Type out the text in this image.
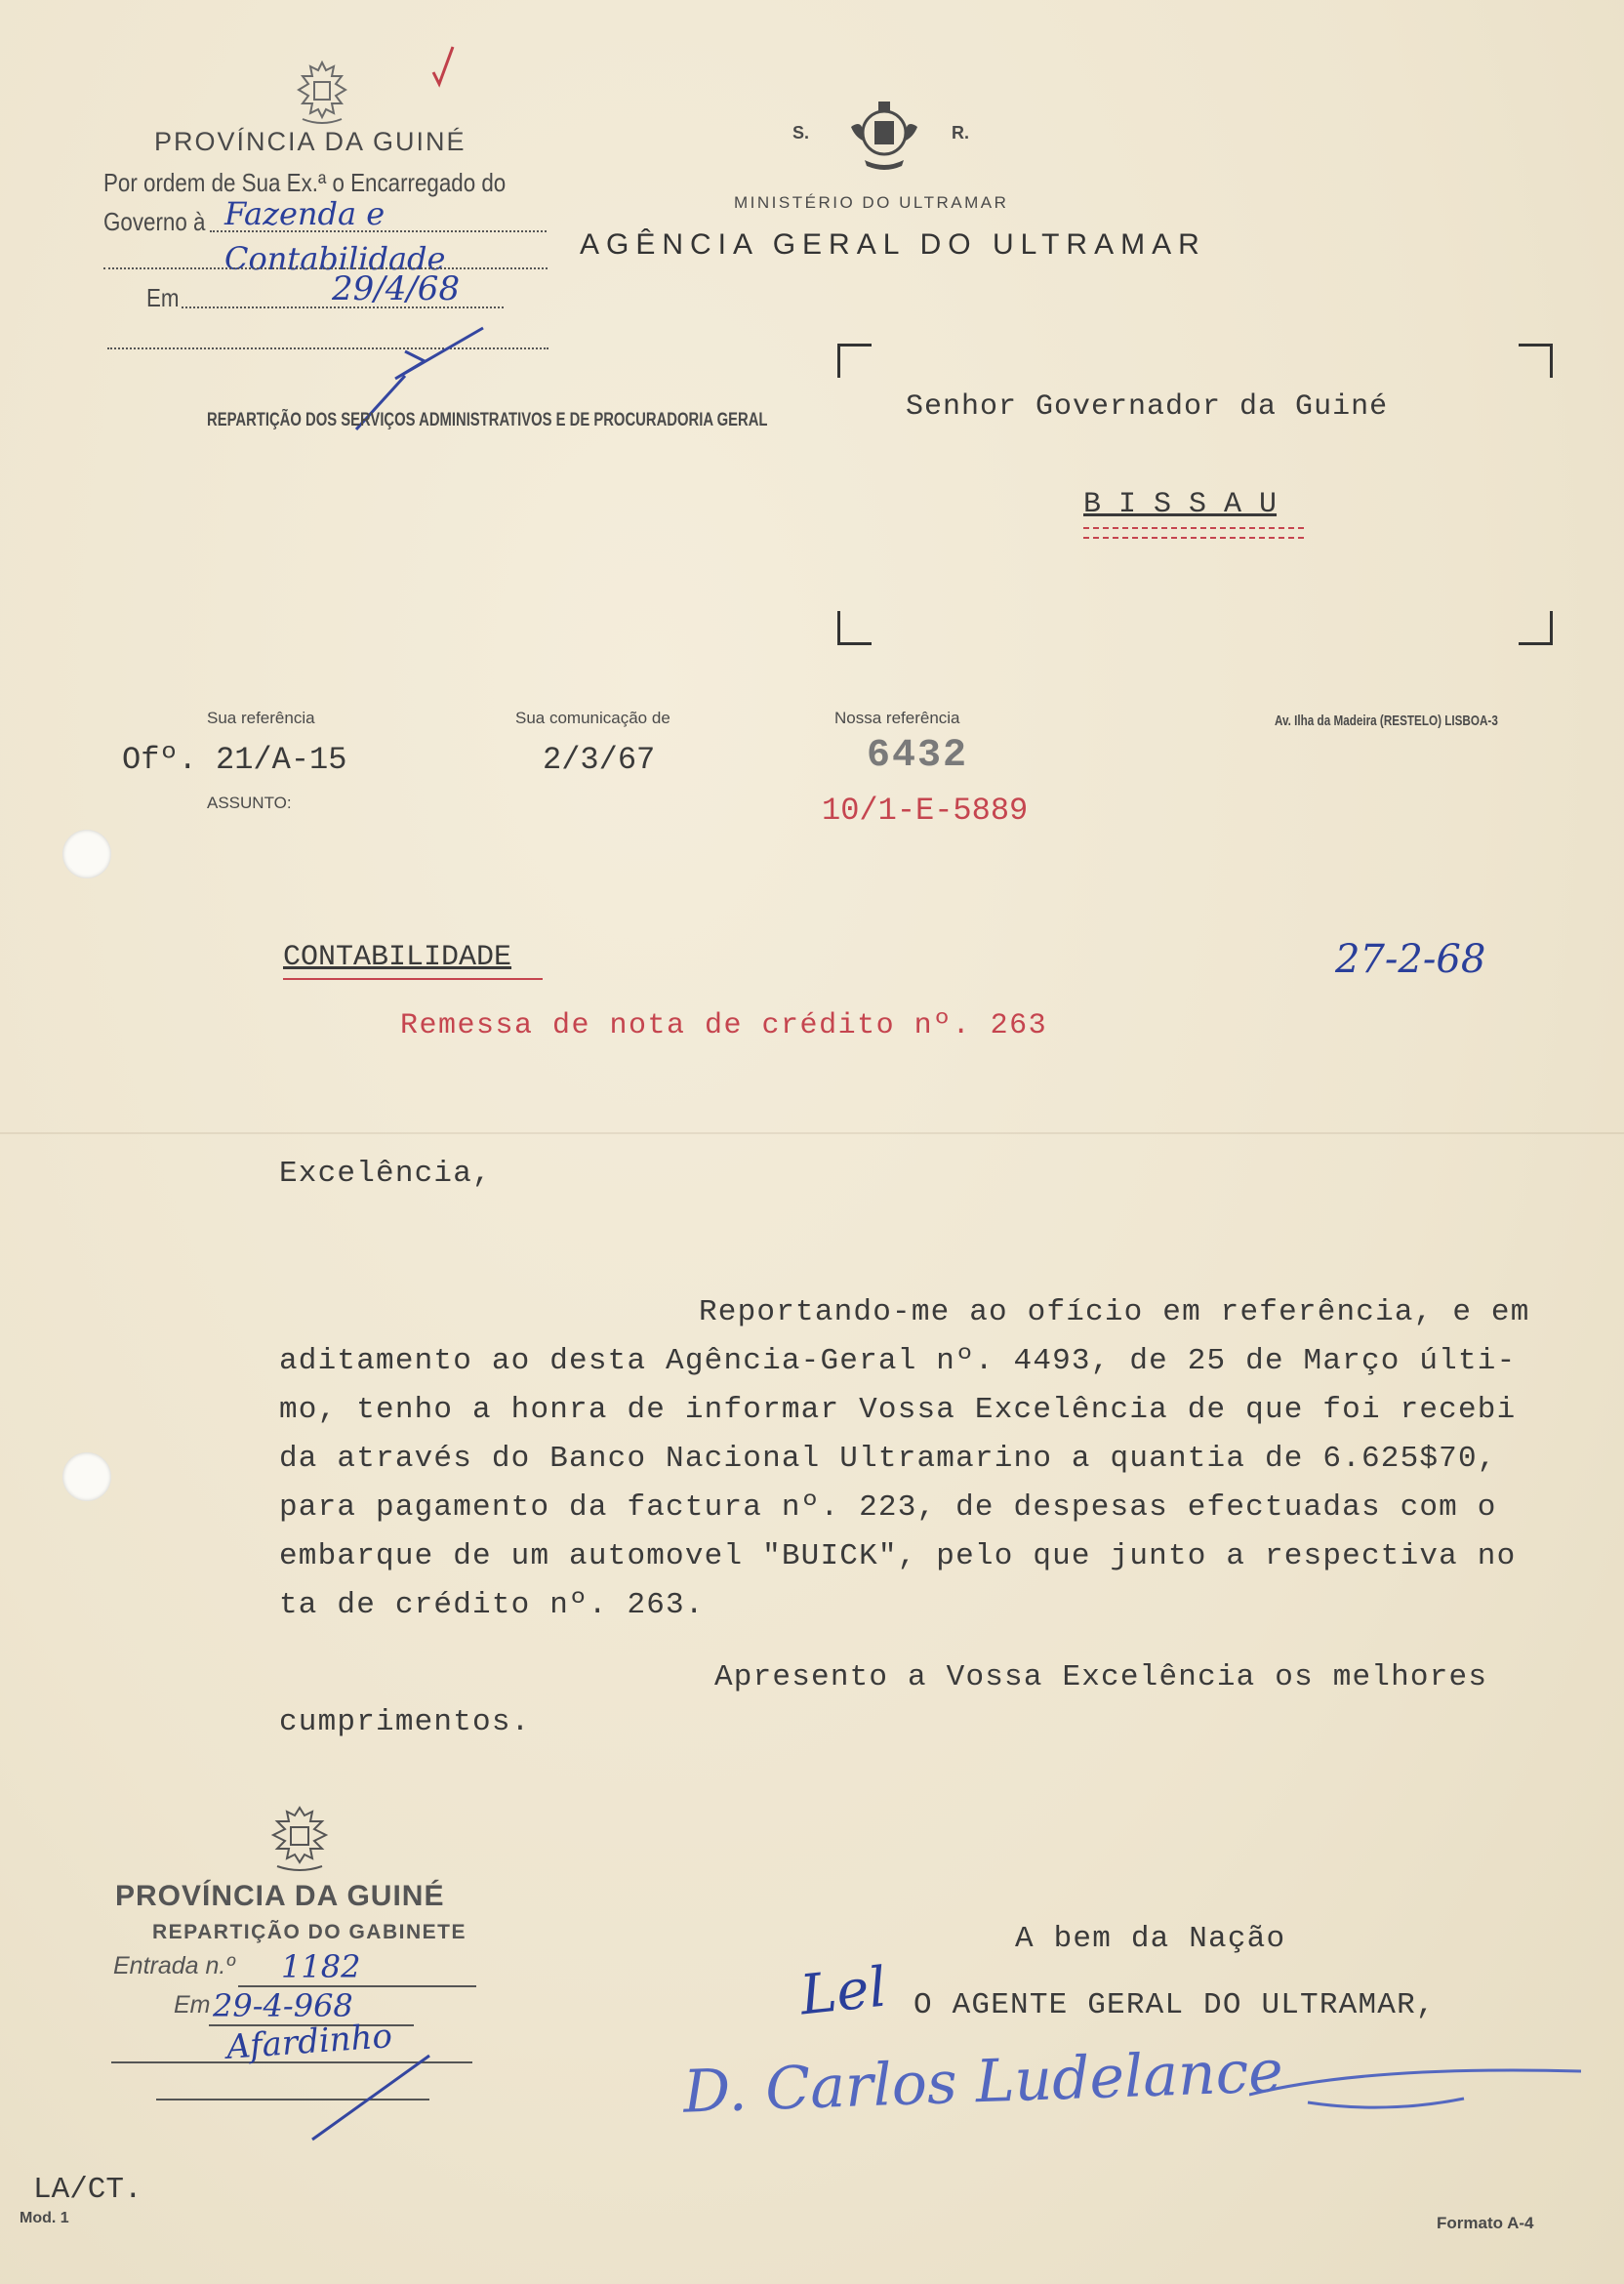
PROVÍNCIA DA GUINÉ
Por ordem de Sua Ex.ª o Encarregado do
Governo à Fazenda e Contabilidade
Em	29/4/68
REPARTIÇÃO DOS SERVIÇOS ADMINISTRATIVOS E DE PROCURADORIA GERAL
S.	R.
MINISTÉRIO DO ULTRAMAR
AGÊNCIA GERAL DO ULTRAMAR
Senhor Governador da Guiné
B I S S A U
Sua referência
Ofº. 21/A-15
ASSUNTO:
Sua comunicação de
2/3/67
Nossa referência
6432
10/1-E-5889
Av. Ilha da Madeira (RESTELO) LISBOA-3
CONTABILIDADE	27-2-68
Remessa de nota de crédito nº. 263
Excelência,
Reportando-me ao ofício em referência, e em
aditamento ao desta Agência-Geral nº. 4493, de 25 de Março últi-
mo, tenho a honra de informar Vossa Excelência de que foi recebi
da através do Banco Nacional Ultramarino a quantia de 6.625$70,
para pagamento da factura nº. 223, de despesas efectuadas com o
embarque de um automovel "BUICK", pelo que junto a respectiva no
ta de crédito nº. 263.
Apresento a Vossa Excelência os melhores
cumprimentos.
A bem da Nação
Lel O AGENTE GERAL DO ULTRAMAR,
D. Carlos Ludelance
PROVÍNCIA DA GUINÉ
REPARTIÇÃO DO GABINETE
Entrada n.º 1182
Em 29-4-968
Afardinho
LA/CT.
Mod. 1	Formato A-4
